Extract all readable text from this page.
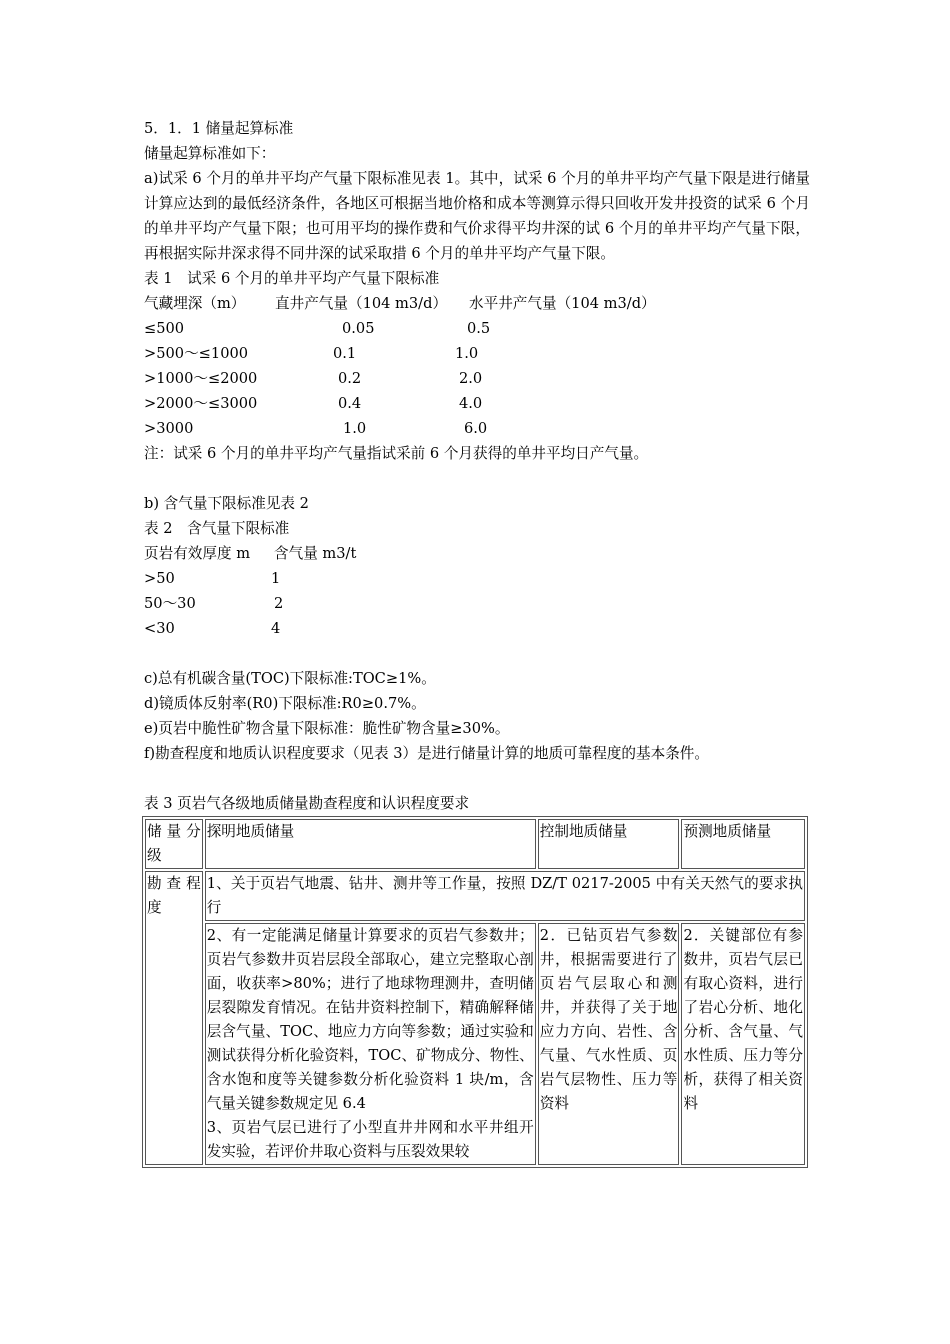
5．1．1 储量起算标准
储量起算标准如下：
a)试采 6 个月的单井平均产气量下限标准见表 1。其中，试采 6 个月的单井平均产气量下限是进行储量计算应达到的最低经济条件，各地区可根据当地价格和成本等测算示得只回收开发井投资的试采 6 个月的单井平均产气量下限；也可用平均的操作费和气价求得平均井深的试 6 个月的单井平均产气量下限，再根据实际井深求得不同井深的试采取措 6 个月的单井平均产气量下限。
表 1　试采 6 个月的单井平均产气量下限标准
气藏埋深（m） 直井产气量（104 m3/d） 水平井产气量（104 m3/d）
≤500	0.05	0.5
>500～≤1000	0.1	1.0
>1000～≤2000	0.2	2.0
>2000～≤3000	0.4	4.0
>3000	1.0	6.0
注：试采 6 个月的单井平均产气量指试采前 6 个月获得的单井平均日产气量。
b) 含气量下限标准见表 2
表 2　含气量下限标准
页岩有效厚度 m 含气量 m3/t
>50	1
50～30	2
<30	4
c)总有机碳含量(TOC)下限标准:TOC≥1%。
d)镜质体反射率(R0)下限标准:R0≥0.7%。
e)页岩中脆性矿物含量下限标准：脆性矿物含量≥30%。
f)勘查程度和地质认识程度要求（见表 3）是进行储量计算的地质可靠程度的基本条件。
表 3 页岩气各级地质储量勘查程度和认识程度要求
储量分级	探明地质储量	控制地质储量	预测地质储量
勘查程度	1、关于页岩气地震、钻井、测井等工作量，按照 DZ/T 0217-2005 中有关天然气的要求执行		

	2、有一定能满足储量计算要求的页岩气参数井；页岩气参数井页岩层段全部取心，建立完整取心剖面，收获率>80%；进行了地球物理测井，查明储层裂隙发育情况。在钻井资料控制下，精确解释储层含气量、TOC、地应力方向等参数；通过实验和测试获得分析化验资料，TOC、矿物成分、物性、含水饱和度等关键参数分析化验资料 1 块/m，含气量关键参数规定见 6.4
3、页岩气层已进行了小型直井井网和水平井组开发实验，若评价井取心资料与压裂效果较	2．已钻页岩气参数井，根据需要进行了页岩气层取心和测井，并获得了关于地应力方向、岩性、含气量、气水性质、页岩气层物性、压力等资料	2．关键部位有参数井，页岩气层已有取心资料，进行了岩心分析、地化分析、含气量、气水性质、压力等分析，获得了相关资料
